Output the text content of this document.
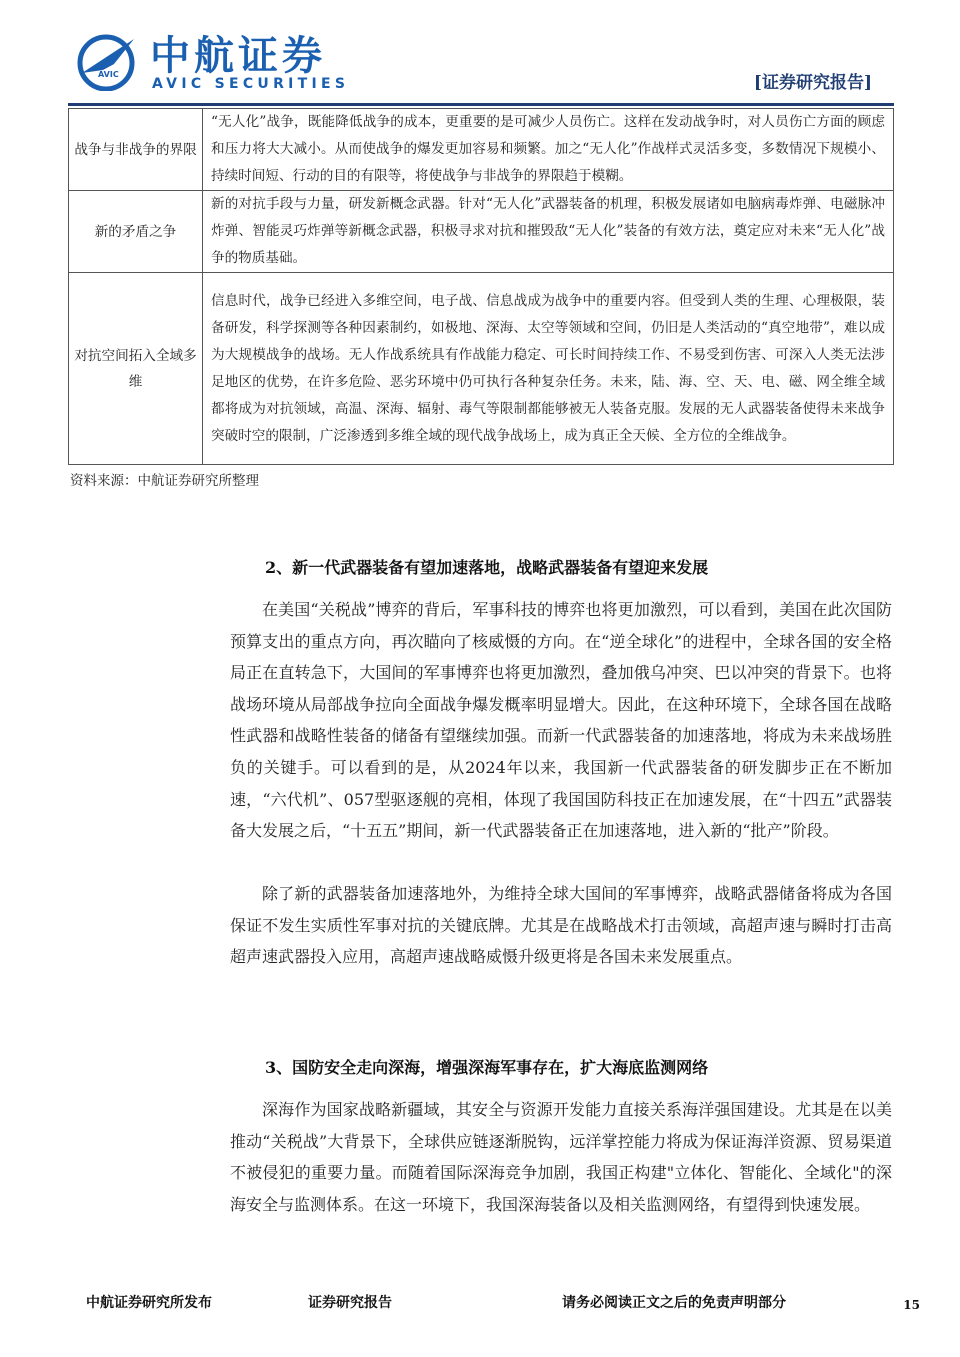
AVIC 中航证券
AVIC SECURITIES	[证券研究报告]
战争与非战争的界限	“无人化”战争，既能降低战争的成本，更重要的是可减少人员伤亡。这样在发动战争时，对人员伤亡方面的顾虑和压力将大大减小。从而使战争的爆发更加容易和频繁。加之“无人化”作战样式灵活多变，多数情况下规模小、持续时间短、行动的目的有限等，将使战争与非战争的界限趋于模糊。
新的矛盾之争	新的对抗手段与力量，研发新概念武器。针对“无人化”武器装备的机理，积极发展诸如电脑病毒炸弹、电磁脉冲炸弹、智能灵巧炸弹等新概念武器，积极寻求对抗和摧毁敌“无人化”装备的有效方法，奠定应对未来“无人化”战争的物质基础。
对抗空间拓入全域多维	信息时代，战争已经进入多维空间，电子战、信息战成为战争中的重要内容。但受到人类的生理、心理极限，装备研发，科学探测等各种因素制约，如极地、深海、太空等领域和空间，仍旧是人类活动的“真空地带”，难以成为大规模战争的战场。无人作战系统具有作战能力稳定、可长时间持续工作、不易受到伤害、可深入人类无法涉足地区的优势，在许多危险、恶劣环境中仍可执行各种复杂任务。未来，陆、海、空、天、电、磁、网全维全域都将成为对抗领域，高温、深海、辐射、毒气等限制都能够被无人装备克服。发展的无人武器装备使得未来战争突破时空的限制，广泛渗透到多维全域的现代战争战场上，成为真正全天候、全方位的全维战争。
资料来源：中航证券研究所整理
2、新一代武器装备有望加速落地，战略武器装备有望迎来发展

在美国“关税战”博弈的背后，军事科技的博弈也将更加激烈，可以看到，美国在此次国防预算支出的重点方向，再次瞄向了核威慑的方向。在“逆全球化”的进程中，全球各国的安全格局正在直转急下，大国间的军事博弈也将更加激烈，叠加俄乌冲突、巴以冲突的背景下。也将战场环境从局部战争拉向全面战争爆发概率明显增大。因此，在这种环境下，全球各国在战略性武器和战略性装备的储备有望继续加强。而新一代武器装备的加速落地，将成为未来战场胜负的关键手。可以看到的是，从2024年以来，我国新一代武器装备的研发脚步正在不断加速，“六代机”、057型驱逐舰的亮相，体现了我国国防科技正在加速发展，在“十四五”武器装备大发展之后，“十五五”期间，新一代武器装备正在加速落地，进入新的“批产”阶段。

除了新的武器装备加速落地外，为维持全球大国间的军事博弈，战略武器储备将成为各国保证不发生实质性军事对抗的关键底牌。尤其是在战略战术打击领域，高超声速与瞬时打击高超声速武器投入应用，高超声速战略威慑升级更将是各国未来发展重点。

3、国防安全走向深海，增强深海军事存在，扩大海底监测网络

深海作为国家战略新疆域，其安全与资源开发能力直接关系海洋强国建设。尤其是在以美推动“关税战”大背景下，全球供应链逐渐脱钩，远洋掌控能力将成为保证海洋资源、贸易渠道不被侵犯的重要力量。而随着国际深海竞争加剧，我国正构建"立体化、智能化、全域化"的深海安全与监测体系。在这一环境下，我国深海装备以及相关监测网络，有望得到快速发展。

中航证券研究所发布	证券研究报告	请务必阅读正文之后的免责声明部分	15
